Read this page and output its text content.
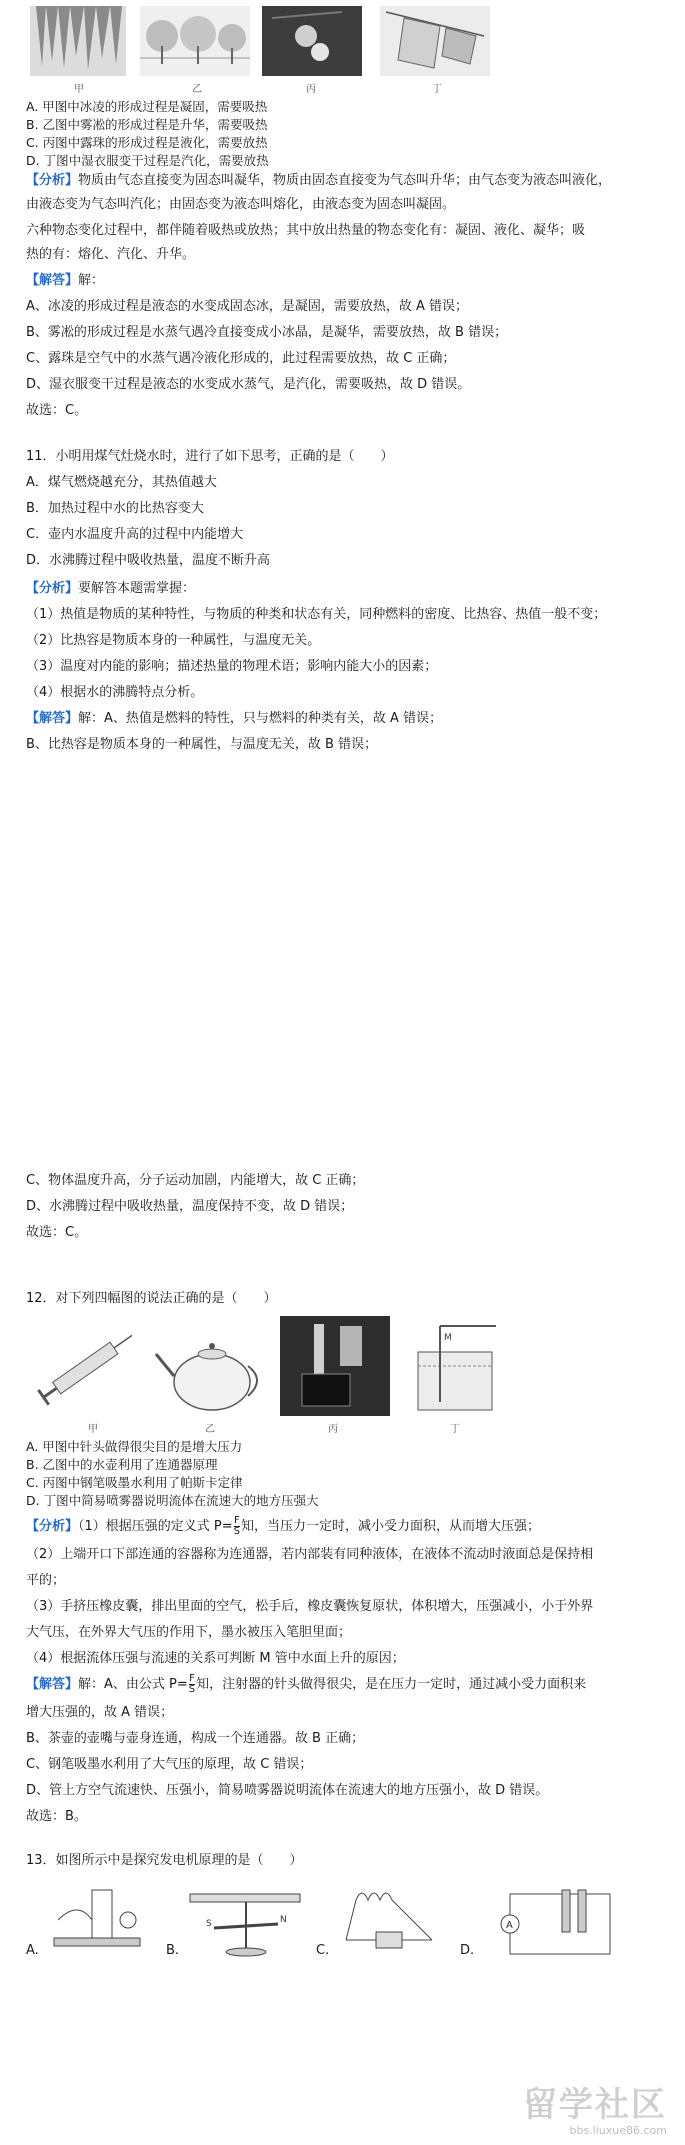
甲	乙	丙	丁
A. 甲图中冰凌的形成过程是凝固，需要吸热
B. 乙图中雾凇的形成过程是升华，需要吸热
C. 丙图中露珠的形成过程是液化，需要放热
D. 丁图中湿衣服变干过程是汽化，需要放热
【分析】物质由气态直接变为固态叫凝华，物质由固态直接变为气态叫升华；由气态变为液态叫液化，
由液态变为气态叫汽化；由固态变为液态叫熔化，由液态变为固态叫凝固。
六种物态变化过程中，都伴随着吸热或放热；其中放出热量的物态变化有：凝固、液化、凝华；吸
热的有：熔化、汽化、升华。
【解答】解：
A、冰凌的形成过程是液态的水变成固态冰，是凝固，需要放热，故 A 错误；
B、雾凇的形成过程是水蒸气遇冷直接变成小冰晶，是凝华，需要放热，故 B 错误；
C、露珠是空气中的水蒸气遇冷液化形成的，此过程需要放热，故 C 正确；
D、湿衣服变干过程是液态的水变成水蒸气，是汽化，需要吸热，故 D 错误。
故选：C。
11．小明用煤气灶烧水时，进行了如下思考，正确的是（　　）
A．煤气燃烧越充分，其热值越大
B．加热过程中水的比热容变大
C．壶内水温度升高的过程中内能增大
D．水沸腾过程中吸收热量，温度不断升高
【分析】要解答本题需掌握：
（1）热值是物质的某种特性，与物质的种类和状态有关，同种燃料的密度、比热容、热值一般不变；
（2）比热容是物质本身的一种属性，与温度无关。
（3）温度对内能的影响；描述热量的物理术语；影响内能大小的因素；
（4）根据水的沸腾特点分析。
【解答】解：A、热值是燃料的特性，只与燃料的种类有关，故 A 错误；
B、比热容是物质本身的一种属性，与温度无关，故 B 错误；
C、物体温度升高，分子运动加剧，内能增大，故 C 正确；
D、水沸腾过程中吸收热量，温度保持不变，故 D 错误；
故选：C。
12．对下列四幅图的说法正确的是（　　）
甲	乙	丙
M
丁
A. 甲图中针头做得很尖目的是增大压力
B. 乙图中的水壶利用了连通器原理
C. 丙图中钢笔吸墨水利用了帕斯卡定律
D. 丁图中简易喷雾器说明流体在流速大的地方压强大
【分析】（1）根据压强的定义式 $P= \frac{F}{S}$ 知，当压力一定时，减小受力面积，从而增大压强；
（2）上端开口下部连通的容器称为连通器，若内部装有同种液体，在液体不流动时液面总是保持相
平的；
（3）手挤压橡皮囊，排出里面的空气，松手后，橡皮囊恢复原状，体积增大，压强减小，小于外界
大气压，在外界大气压的作用下，墨水被压入笔胆里面；
（4）根据流体压强与流速的关系可判断 M 管中水面上升的原因；
【解答】解：A、由公式 $P= \frac{F}{S}$ 知，注射器的针头做得很尖，是在压力一定时，通过减小受力面积来
增大压强的，故 A 错误；
B、茶壶的壶嘴与壶身连通，构成一个连通器。故 B 正确；
C、钢笔吸墨水利用了大气压的原理，故 C 错误；
D、管上方空气流速快、压强小，简易喷雾器说明流体在流速大的地方压强小，故 D 错误。
故选：B。
13．如图所示中是探究发电机原理的是（　　）
A.	B.
S	N
C.	D.
A
留学社区
bbs.liuxue86.com
